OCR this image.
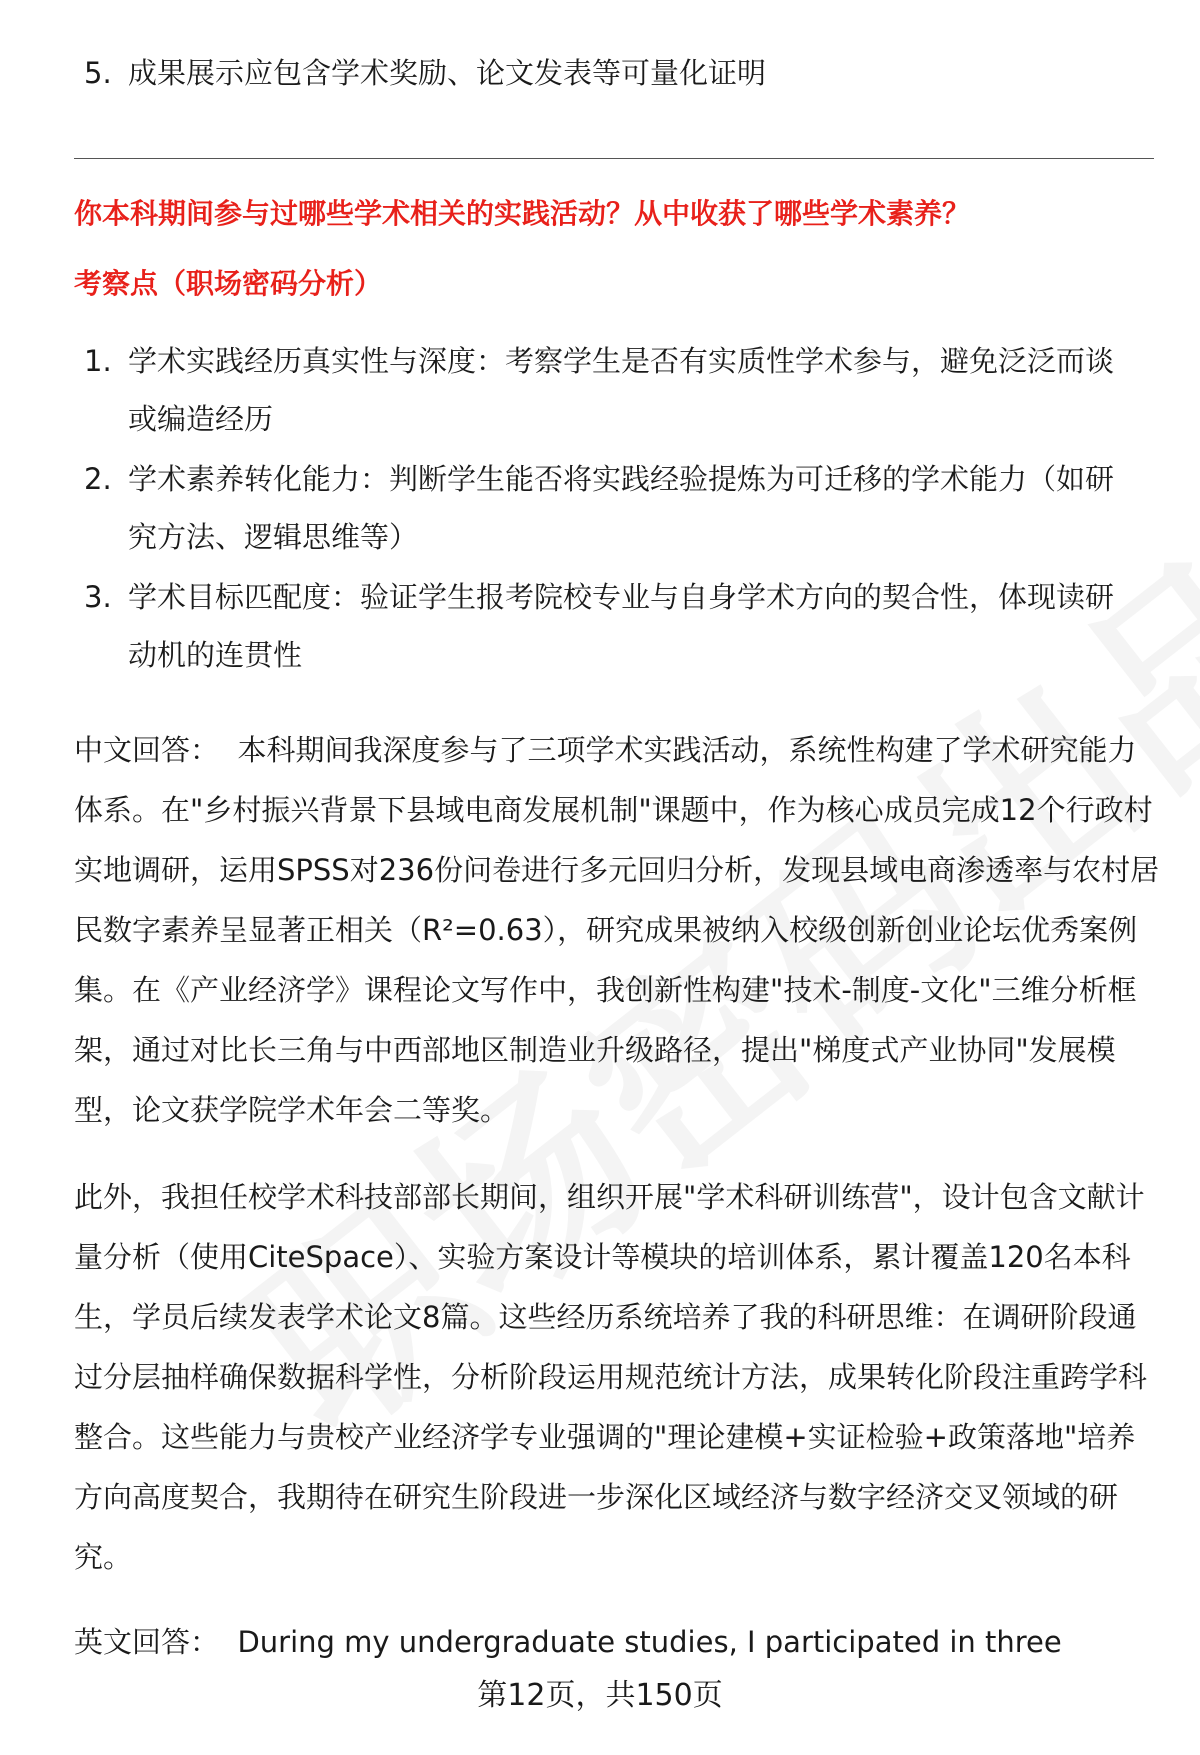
5. 成果展示应包含学术奖励、论文发表等可量化证明
你本科期间参与过哪些学术相关的实践活动？从中收获了哪些学术素养？
考察点（职场密码分析）
1. 学术实践经历真实性与深度：考察学生是否有实质性学术参与，避免泛泛而谈
或编造经历
2. 学术素养转化能力：判断学生能否将实践经验提炼为可迁移的学术能力（如研
究方法、逻辑思维等）
3. 学术目标匹配度：验证学生报考院校专业与自身学术方向的契合性，体现读研
动机的连贯性

中文回答： 本科期间我深度参与了三项学术实践活动，系统性构建了学术研究能力体系。在"乡村振兴背景下县域电商发展机制"课题中，作为核心成员完成12个行政村实地调研，运用SPSS对236份问卷进行多元回归分析，发现县域电商渗透率与农村居民数字素养呈显著正相关（R²=0.63），研究成果被纳入校级创新创业论坛优秀案例集。在《产业经济学》课程论文写作中，我创新性构建"技术-制度-文化"三维分析框架，通过对比长三角与中西部地区制造业升级路径，提出"梯度式产业协同"发展模型，论文获学院学术年会二等奖。

此外，我担任校学术科技部部长期间，组织开展"学术科研训练营"，设计包含文献计量分析（使用CiteSpace）、实验方案设计等模块的培训体系，累计覆盖120名本科生，学员后续发表学术论文8篇。这些经历系统培养了我的科研思维：在调研阶段通过分层抽样确保数据科学性，分析阶段运用规范统计方法，成果转化阶段注重跨学科整合。这些能力与贵校产业经济学专业强调的"理论建模+实证检验+政策落地"培养方向高度契合，我期待在研究生阶段进一步深化区域经济与数字经济交叉领域的研究。

英文回答： During my undergraduate studies, I participated in three

第12页，共150页
